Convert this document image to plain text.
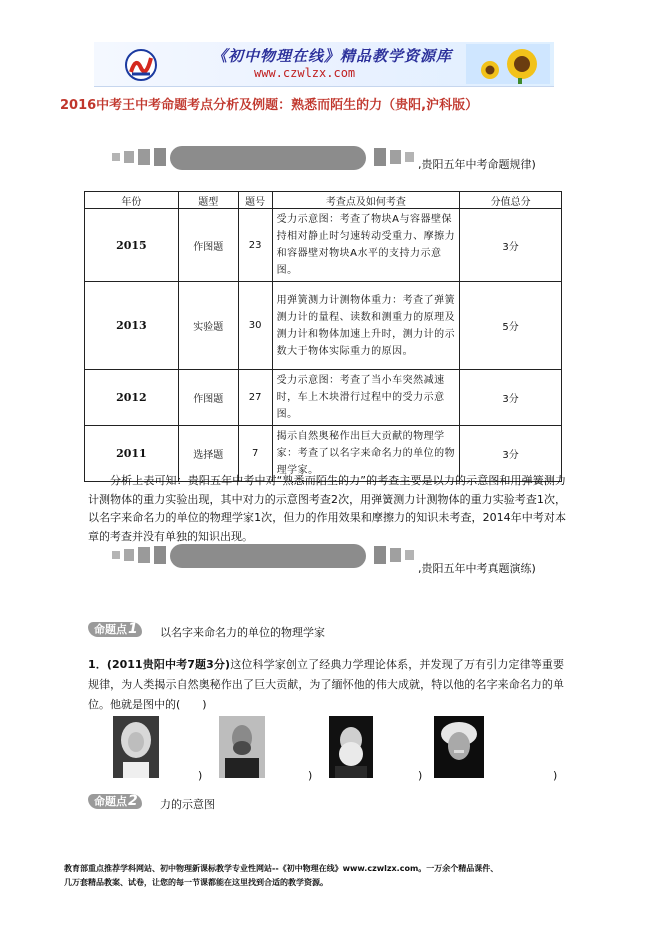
《初中物理在线》精品教学资源库
www.czwlzx.com
2016中考王中考命题考点分析及例题：熟悉而陌生的力（贵阳,沪科版）
,贵阳五年中考命题规律)
年份	题型	题号	考查点及如何考查	分值总分
2015	作图题	23	受力示意图：考查了物块A与容器壁保持相对静止时匀速转动受重力、摩擦力和容器壁对物块A水平的支持力示意图。	3分
2013	实验题	30	用弹簧测力计测物体重力：考查了弹簧测力计的量程、读数和测重力的原理及测力计和物体加速上升时，测力计的示数大于物体实际重力的原因。	5分
2012	作图题	27	受力示意图：考查了当小车突然减速时，车上木块滑行过程中的受力示意图。	3分
2011	选择题	7	揭示自然奥秘作出巨大贡献的物理学家：考查了以名字来命名力的单位的物理学家。	3分
分析上表可知：贵阳五年中考中对“熟悉而陌生的力”的考查主要是以力的示意图和用弹簧测力计测物体的重力实验出现，其中对力的示意图考查2次，用弹簧测力计测物体的重力实验考查1次，以名字来命名力的单位的物理学家1次，但力的作用效果和摩擦力的知识未考查，2014年中考对本章的考查并没有单独的知识出现。
,贵阳五年中考真题演练)
命题点1	以名字来命名力的单位的物理学家
1．(2011贵阳中考7题3分)这位科学家创立了经典力学理论体系，并发现了万有引力定律等重要规律，为人类揭示自然奥秘作出了巨大贡献，为了缅怀他的伟大成就，特以他的名字来命名力的单位。他就是图中的(　　)
)	)	)	)
命题点2	力的示意图
教育部重点推荐学科网站、初中物理新课标教学专业性网站--《初中物理在线》www.czwlzx.com。一万余个精品课件、
几万套精品教案、试卷，让您的每一节课都能在这里找到合适的教学资源。
